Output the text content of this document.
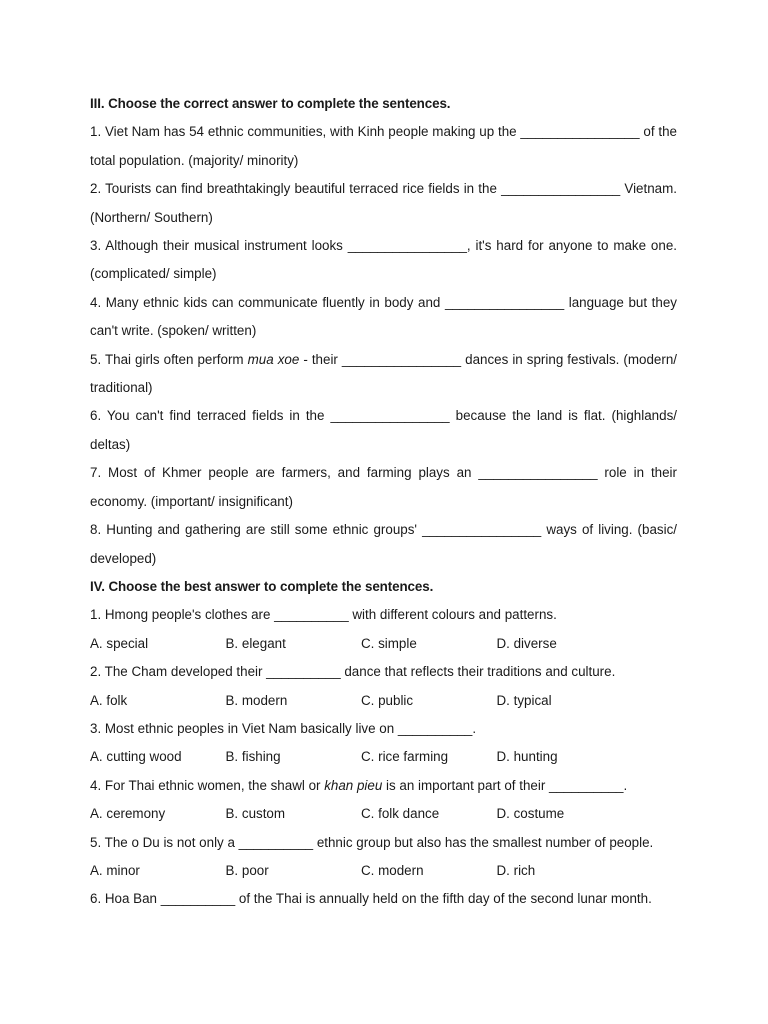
III. Choose the correct answer to complete the sentences.

1. Viet Nam has 54 ethnic communities, with Kinh people making up the ________________ of the total population. (majority/ minority)

2. Tourists can find breathtakingly beautiful terraced rice fields in the ________________ Vietnam. (Northern/ Southern)

3. Although their musical instrument looks ________________, it's hard for anyone to make one. (complicated/ simple)

4. Many ethnic kids can communicate fluently in body and ________________ language but they can't write. (spoken/ written)

5. Thai girls often perform mua xoe - their ________________ dances in spring festivals. (modern/ traditional)

6. You can't find terraced fields in the ________________ because the land is flat. (highlands/ deltas)

7. Most of Khmer people are farmers, and farming plays an ________________ role in their economy. (important/ insignificant)

8. Hunting and gathering are still some ethnic groups' ________________ ways of living. (basic/ developed)

IV. Choose the best answer to complete the sentences.

1. Hmong people's clothes are __________ with different colours and patterns.

A. special	B. elegant	C. simple	D. diverse

2. The Cham developed their __________ dance that reflects their traditions and culture.

A. folk	B. modern	C. public	D. typical

3. Most ethnic peoples in Viet Nam basically live on __________.

A. cutting wood	B. fishing	C. rice farming	D. hunting

4. For Thai ethnic women, the shawl or khan pieu is an important part of their __________.

A. ceremony	B. custom	C. folk dance	D. costume

5. The o Du is not only a __________ ethnic group but also has the smallest number of people.

A. minor	B. poor	C. modern	D. rich

6. Hoa Ban __________ of the Thai is annually held on the fifth day of the second lunar month.
